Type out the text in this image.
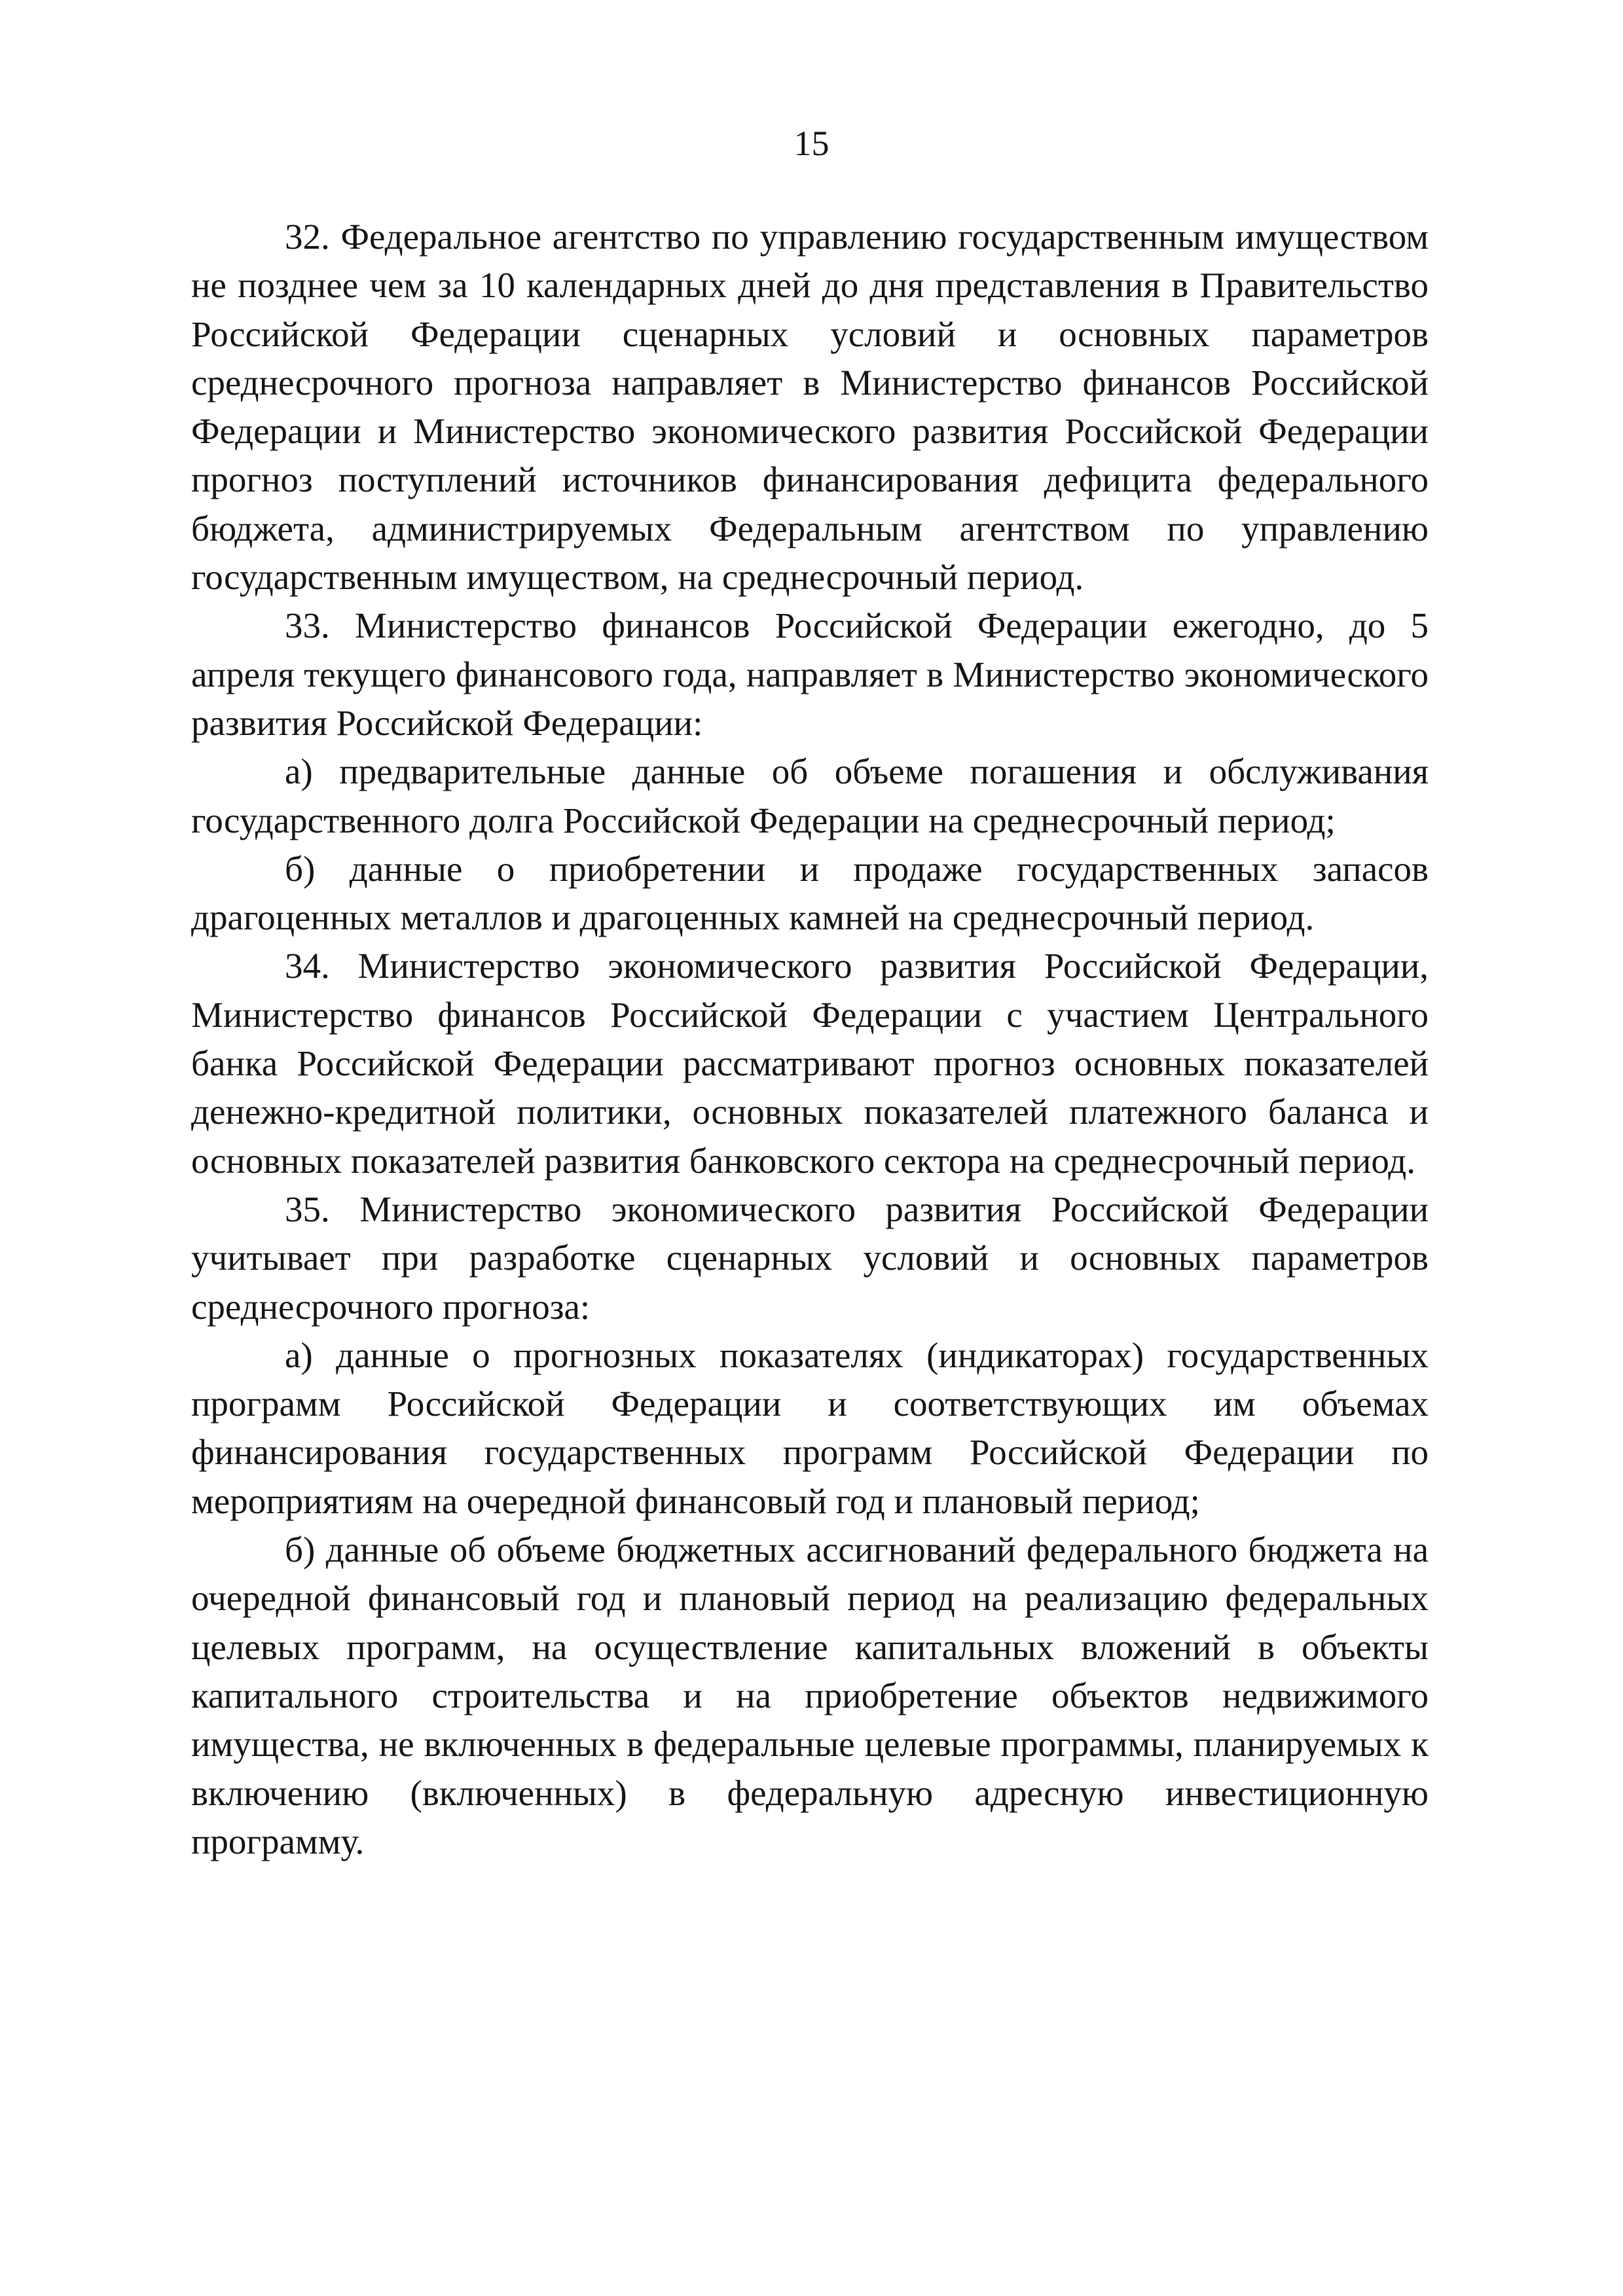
15

32. Федеральное агентство по управлению государственным имуществом не позднее чем за 10 календарных дней до дня представления в Правительство Российской Федерации сценарных условий и основных параметров среднесрочного прогноза направляет в Министерство финансов Российской Федерации и Министерство экономического развития Российской Федерации прогноз поступлений источников финансирования дефицита федерального бюджета, администрируемых Федеральным агентством по управлению государственным имуществом, на среднесрочный период.

33. Министерство финансов Российской Федерации ежегодно, до 5 апреля текущего финансового года, направляет в Министерство экономического развития Российской Федерации:

а) предварительные данные об объеме погашения и обслуживания государственного долга Российской Федерации на среднесрочный период;

б) данные о приобретении и продаже государственных запасов драгоценных металлов и драгоценных камней на среднесрочный период.

34. Министерство экономического развития Российской Федерации, Министерство финансов Российской Федерации с участием Центрального банка Российской Федерации рассматривают прогноз основных показателей денежно-кредитной политики, основных показателей платежного баланса и основных показателей развития банковского сектора на среднесрочный период.

35. Министерство экономического развития Российской Федерации учитывает при разработке сценарных условий и основных параметров среднесрочного прогноза:

а) данные о прогнозных показателях (индикаторах) государственных программ Российской Федерации и соответствующих им объемах финансирования государственных программ Российской Федерации по мероприятиям на очередной финансовый год и плановый период;

б) данные об объеме бюджетных ассигнований федерального бюджета на очередной финансовый год и плановый период на реализацию федеральных целевых программ, на осуществление капитальных вложений в объекты капитального строительства и на приобретение объектов недвижимого имущества, не включенных в федеральные целевые программы, планируемых к включению (включенных) в федеральную адресную инвестиционную программу.
